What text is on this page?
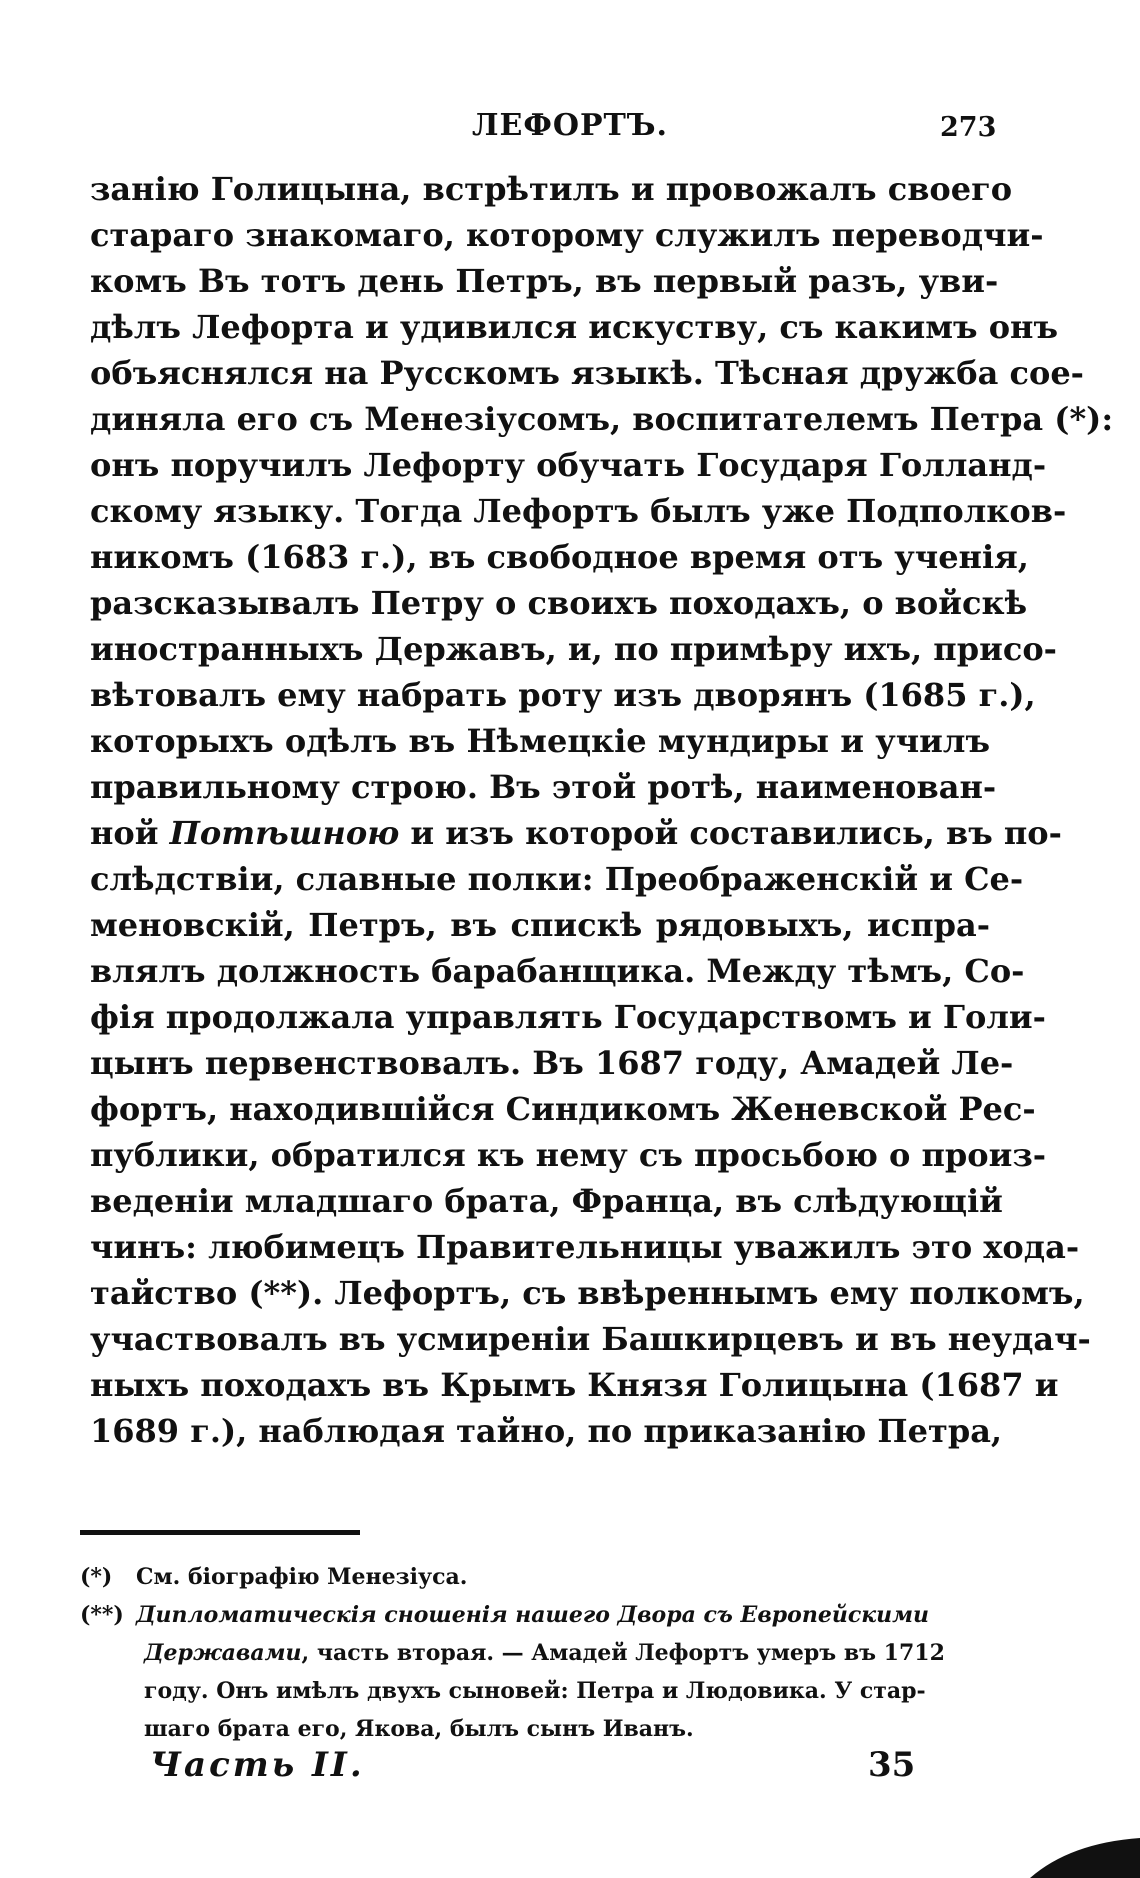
ЛЕФОРТЪ.	273
занію Голицына, встрѣтилъ и провожалъ своего
стараго знакомаго, которому служилъ переводчи-
комъ Въ тотъ день Петръ, въ первый разъ, уви-
дѣлъ Лефорта и удивился искуству, съ какимъ онъ
объяснялся на Русскомъ языкѣ. Тѣсная дружба сое-
диняла его съ Менезіусомъ, воспитателемъ Петра (*):
онъ поручилъ Лефорту обучать Государя Голланд-
скому языку. Тогда Лефортъ былъ уже Подполков-
никомъ (1683 г.), въ свободное время отъ ученія,
разсказывалъ Петру о своихъ походахъ, о войскѣ
иностранныхъ Державъ, и, по примѣру ихъ, присо-
вѣтовалъ ему набрать роту изъ дворянъ (1685 г.),
которыхъ одѣлъ въ Нѣмецкіе мундиры и училъ
правильному строю. Въ этой ротѣ, наименован-
ной Потѣшною и изъ которой составились, въ по-
слѣдствіи, славные полки: Преображенскій и Се-
меновскій, Петръ, въ спискѣ рядовыхъ, испра-
влялъ должность барабанщика. Между тѣмъ, Со-
фія продолжала управлять Государствомъ и Голи-
цынъ первенствовалъ. Въ 1687 году, Амадей Ле-
фортъ, находившійся Синдикомъ Женевской Рес-
публики, обратился къ нему съ просьбою о произ-
веденіи младшаго брата, Франца, въ слѣдующій
чинъ: любимецъ Правительницы уважилъ это хода-
тайство (**). Лефортъ, съ ввѣреннымъ ему полкомъ,
участвовалъ въ усмиреніи Башкирцевъ и въ неудач-
ныхъ походахъ въ Крымъ Князя Голицына (1687 и
1689 г.), наблюдая тайно, по приказанію Петра,
(*) См. біографію Менезіуса.
(**) Дипломатическія сношенія нашего Двора съ Европейскими
Державами, часть вторая. — Амадей Лефортъ умеръ въ 1712
году. Онъ имѣлъ двухъ сыновей: Петра и Людовика. У стар-
шаго брата его, Якова, былъ сынъ Иванъ.
Часть II.	35
